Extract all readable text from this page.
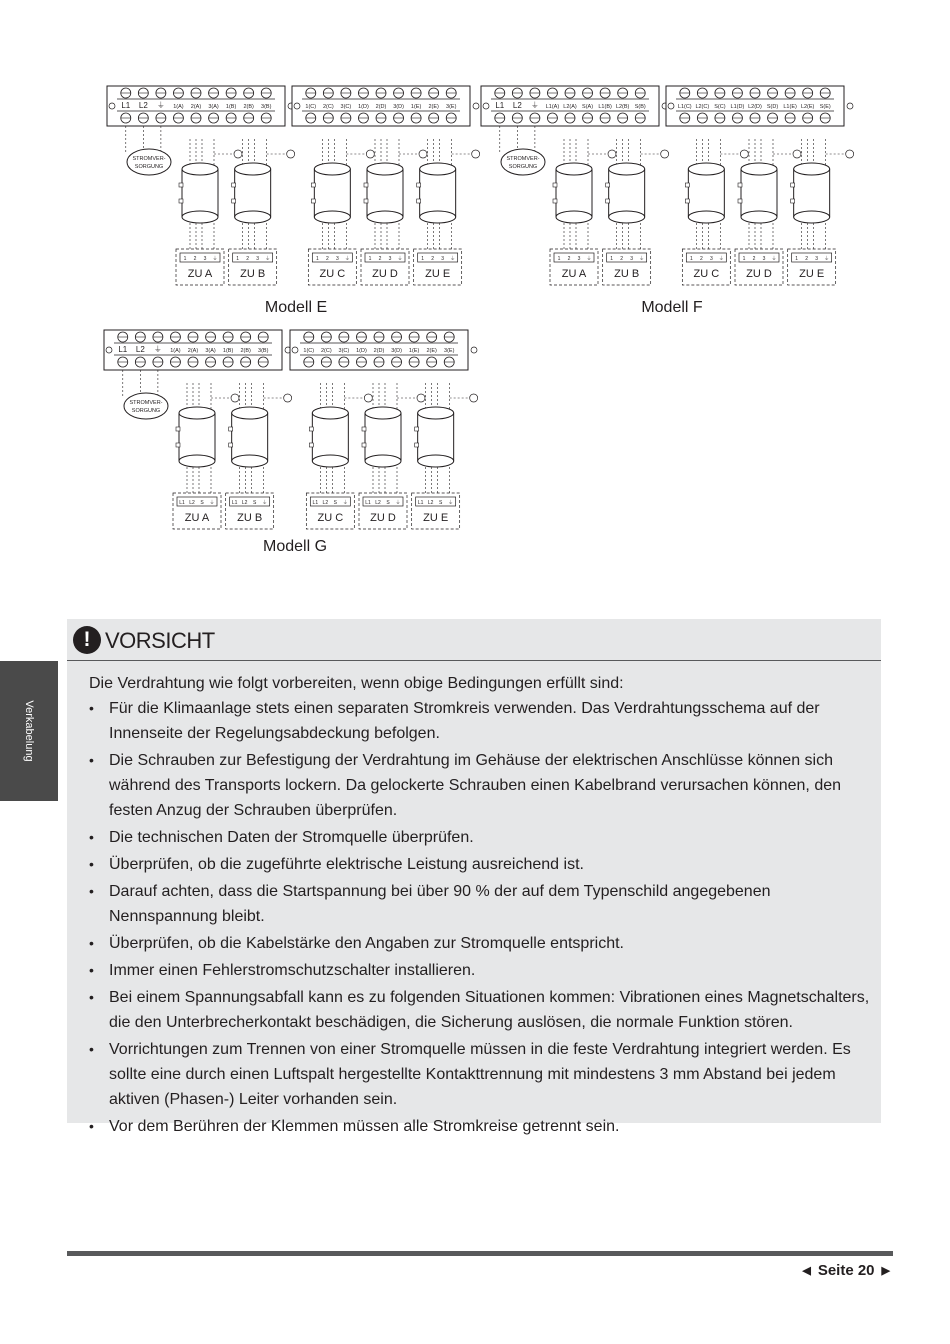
L1 L2 ⏚ 1(A) 2(A) 3(A) 1(B) 2(B) 3(B)	1(C) 2(C) 3(C) 1(D) 2(D) 3(D) 1(E) 2(E) 3(E)
STROMVER-
SORGUNG
1 2 3 ⏚
ZU A
1 2 3 ⏚
ZU B
1 2 3 ⏚
ZU C
1 2 3 ⏚
ZU D
1 2 3 ⏚
ZU E
Modell E
L1 L2 ⏚ L1(A) L2(A) S(A) L1(B) L2(B) S(B)	L1(C) L2(C) S(C) L1(D) L2(D) S(D) L1(E) L2(E) S(E)
STROMVER-
SORGUNG
1 2 3 ⏚
ZU A
1 2 3 ⏚
ZU B
1 2 3 ⏚
ZU C
1 2 3 ⏚
ZU D
1 2 3 ⏚
ZU E
Modell F
L1 L2 ⏚ 1(A) 2(A) 3(A) 1(B) 2(B) 3(B)	1(C) 2(C) 3(C) 1(D) 2(D) 3(D) 1(E) 2(E) 3(E)
STROMVER-
SORGUNG
L1 L2 S ⏚
ZU A
L1 L2 S ⏚
ZU B
L1 L2 S ⏚
ZU C
L1 L2 S ⏚
ZU D
L1 L2 S ⏚
ZU E
Modell G
Verkabelung
! VORSICHT
Die Verdrahtung wie folgt vorbereiten, wenn obige Bedingungen erfüllt sind:
• Für die Klimaanlage stets einen separaten Stromkreis verwenden. Das Verdrahtungsschema auf der Innenseite der Regelungsabdeckung befolgen.
• Die Schrauben zur Befestigung der Verdrahtung im Gehäuse der elektrischen Anschlüsse können sich während des Transports lockern. Da gelockerte Schrauben einen Kabelbrand verursachen können, den festen Anzug der Schrauben überprüfen.
• Die technischen Daten der Stromquelle überprüfen.
• Überprüfen, ob die zugeführte elektrische Leistung ausreichend ist.
• Darauf achten, dass die Startspannung bei über 90 % der auf dem Typenschild angegebenen Nennspannung bleibt.
• Überprüfen, ob die Kabelstärke den Angaben zur Stromquelle entspricht.
• Immer einen Fehlerstromschutzschalter installieren.
• Bei einem Spannungsabfall kann es zu folgenden Situationen kommen: Vibrationen eines Magnetschalters, die den Unterbrecherkontakt beschädigen, die Sicherung auslösen, die normale Funktion stören.
• Vorrichtungen zum Trennen von einer Stromquelle müssen in die feste Verdrahtung integriert werden. Es sollte eine durch einen Luftspalt hergestellte Kontakttrennung mit mindestens 3 mm Abstand bei jedem aktiven (Phasen-) Leiter vorhanden sein.
• Vor dem Berühren der Klemmen müssen alle Stromkreise getrennt sein.
◀ Seite 20 ▶
